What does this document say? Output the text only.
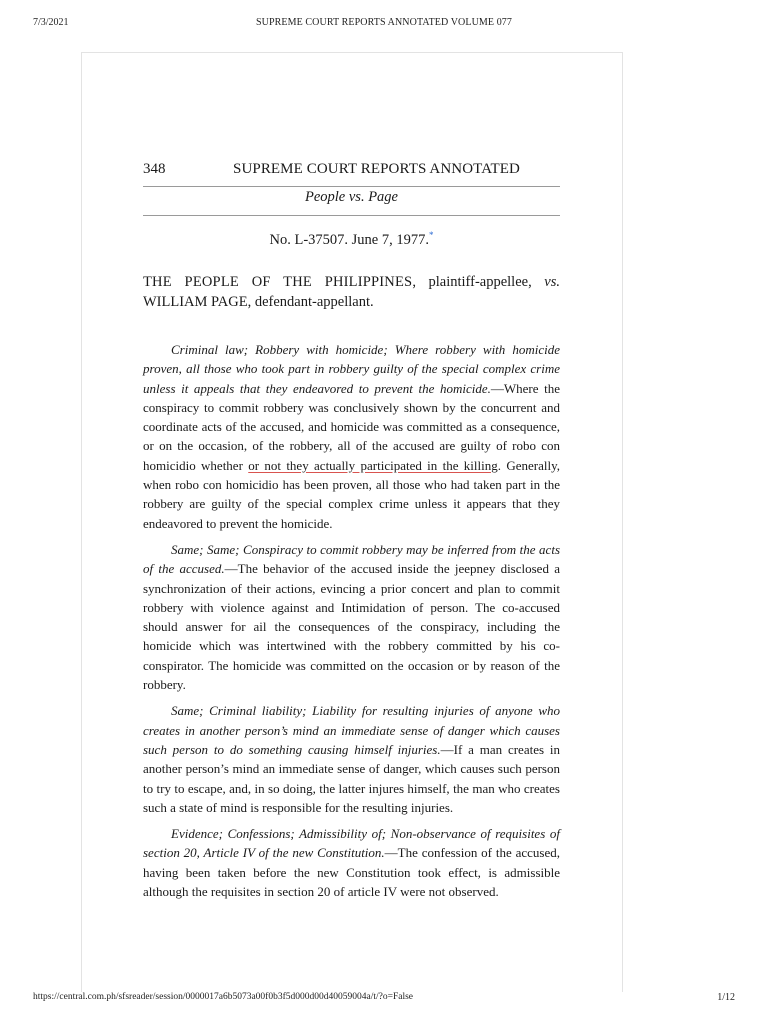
7/3/2021	SUPREME COURT REPORTS ANNOTATED VOLUME 077
348	SUPREME COURT REPORTS ANNOTATED
People vs. Page
No. L-37507. June 7, 1977.*
THE PEOPLE OF THE PHILIPPINES, plaintiff-appellee, vs. WILLIAM PAGE, defendant-appellant.

Criminal law; Robbery with homicide; Where robbery with homicide proven, all those who took part in robbery guilty of the special complex crime unless it appeals that they endeavored to prevent the homicide.—Where the conspiracy to commit robbery was conclusively shown by the concurrent and coordinate acts of the accused, and homicide was committed as a consequence, or on the occasion, of the robbery, all of the accused are guilty of robo con homicidio whether or not they actually participated in the killing. Generally, when robo con homicidio has been proven, all those who had taken part in the robbery are guilty of the special complex crime unless it appears that they endeavored to prevent the homicide.

Same; Same; Conspiracy to commit robbery may be inferred from the acts of the accused.—The behavior of the accused inside the jeepney disclosed a synchronization of their actions, evincing a prior concert and plan to commit robbery with violence against and Intimidation of person. The co-accused should answer for ail the consequences of the conspiracy, including the homicide which was intertwined with the robbery committed by his co-conspirator. The homicide was committed on the occasion or by reason of the robbery.

Same; Criminal liability; Liability for resulting injuries of anyone who creates in another person’s mind an immediate sense of danger which causes such person to do something causing himself injuries.—If a man creates in another person’s mind an immediate sense of danger, which causes such person to try to escape, and, in so doing, the latter injures himself, the man who creates such a state of mind is responsible for the resulting injuries.

Evidence; Confessions; Admissibility of; Non-observance of requisites of section 20, Article IV of the new Constitution.—The confession of the accused, having been taken before the new Constitution took effect, is admissible although the requisites in section 20 of article IV were not observed.

https://central.com.ph/sfsreader/session/0000017a6b5073a00f0b3f5d000d00d40059004a/t/?o=False	1/12
